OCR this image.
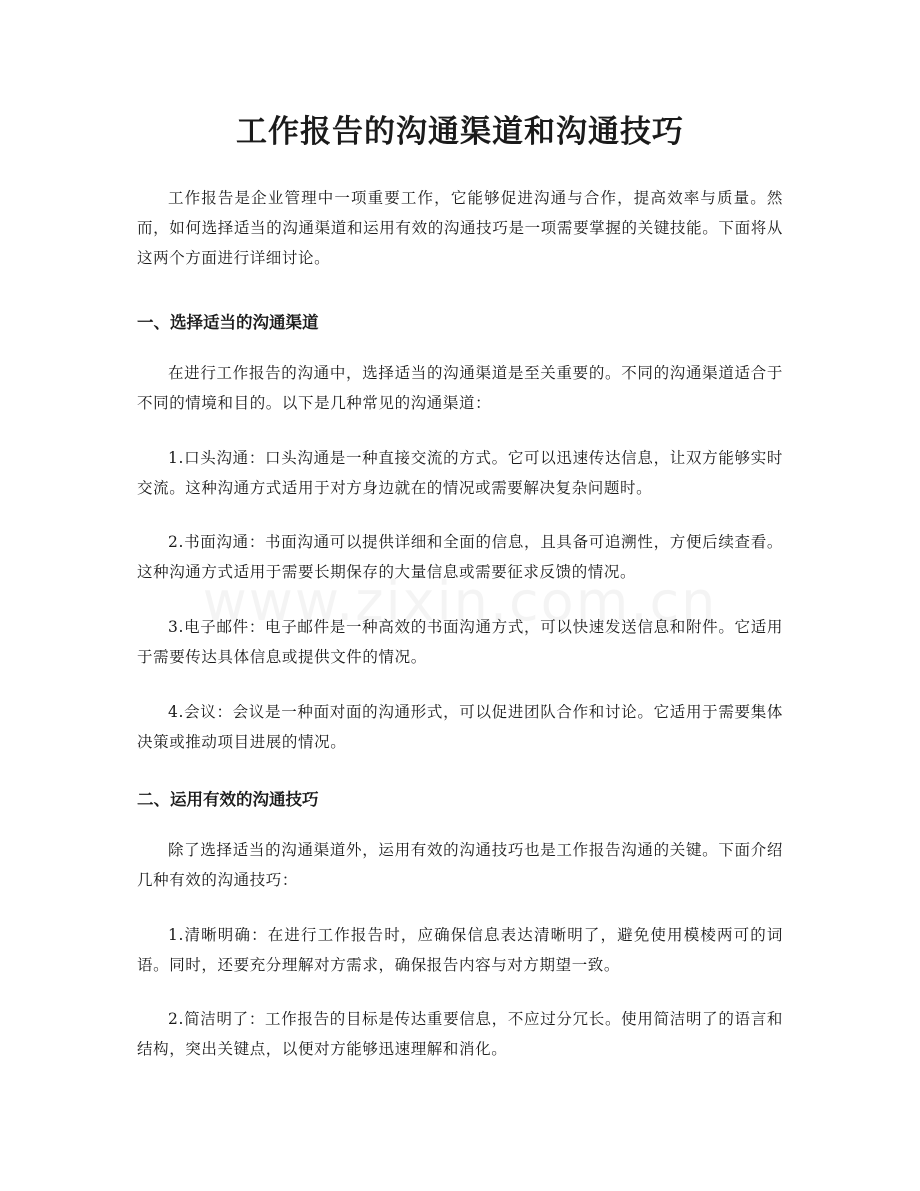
工作报告的沟通渠道和沟通技巧

工作报告是企业管理中一项重要工作，它能够促进沟通与合作，提高效率与质量。然而，如何选择适当的沟通渠道和运用有效的沟通技巧是一项需要掌握的关键技能。下面将从这两个方面进行详细讨论。

一、选择适当的沟通渠道

在进行工作报告的沟通中，选择适当的沟通渠道是至关重要的。不同的沟通渠道适合于不同的情境和目的。以下是几种常见的沟通渠道：

1.口头沟通：口头沟通是一种直接交流的方式。它可以迅速传达信息，让双方能够实时交流。这种沟通方式适用于对方身边就在的情况或需要解决复杂问题时。

2.书面沟通：书面沟通可以提供详细和全面的信息，且具备可追溯性，方便后续查看。这种沟通方式适用于需要长期保存的大量信息或需要征求反馈的情况。

3.电子邮件：电子邮件是一种高效的书面沟通方式，可以快速发送信息和附件。它适用于需要传达具体信息或提供文件的情况。

4.会议：会议是一种面对面的沟通形式，可以促进团队合作和讨论。它适用于需要集体决策或推动项目进展的情况。

二、运用有效的沟通技巧

除了选择适当的沟通渠道外，运用有效的沟通技巧也是工作报告沟通的关键。下面介绍几种有效的沟通技巧：

1.清晰明确：在进行工作报告时，应确保信息表达清晰明了，避免使用模棱两可的词语。同时，还要充分理解对方需求，确保报告内容与对方期望一致。

2.简洁明了：工作报告的目标是传达重要信息，不应过分冗长。使用简洁明了的语言和结构，突出关键点，以便对方能够迅速理解和消化。
